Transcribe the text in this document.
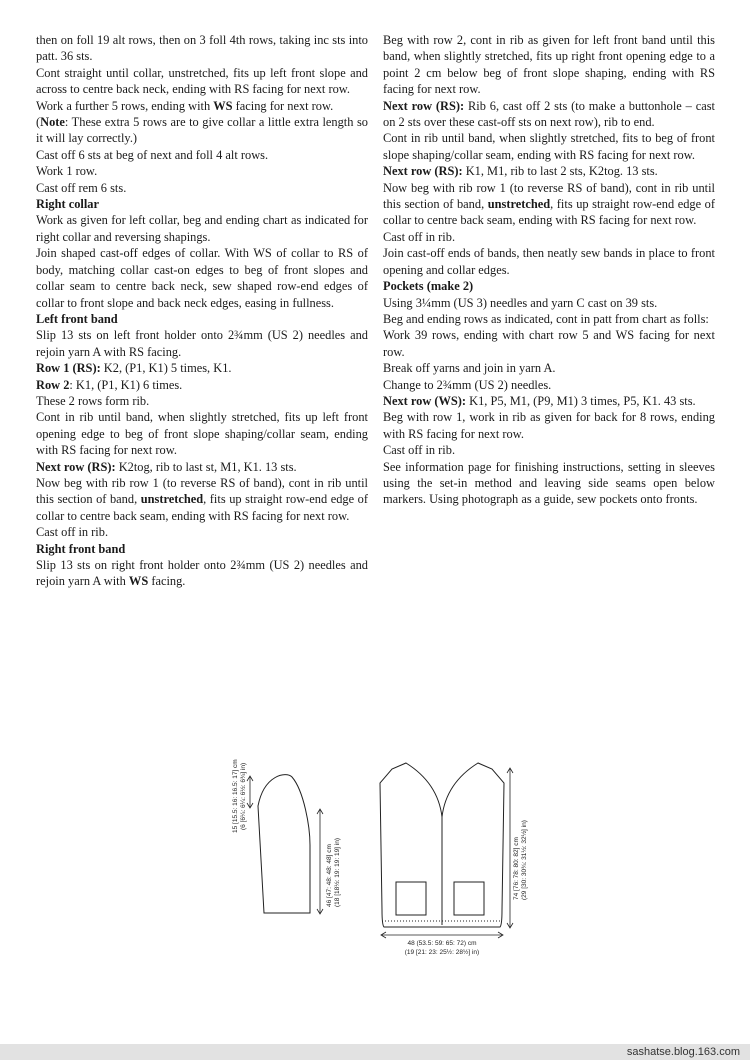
then on foll 19 alt rows, then on 3 foll 4th rows, taking inc sts into patt. 36 sts.

Cont straight until collar, unstretched, fits up left front slope and across to centre back neck, ending with RS facing for next row.

Work a further 5 rows, ending with WS facing for next row.

(Note: These extra 5 rows are to give collar a little extra length so it will lay correctly.)

Cast off 6 sts at beg of next and foll 4 alt rows.

Work 1 row.

Cast off rem 6 sts.

Right collar

Work as given for left collar, beg and ending chart as indicated for right collar and reversing shapings.

Join shaped cast-off edges of collar. With WS of collar to RS of body, matching collar cast-on edges to beg of front slopes and collar seam to centre back neck, sew shaped row-end edges of collar to front slope and back neck edges, easing in fullness.

Left front band

Slip 13 sts on left front holder onto 2¾mm (US 2) needles and rejoin yarn A with RS facing.

Row 1 (RS): K2, (P1, K1) 5 times, K1.

Row 2: K1, (P1, K1) 6 times.

These 2 rows form rib.

Cont in rib until band, when slightly stretched, fits up left front opening edge to beg of front slope shaping/collar seam, ending with RS facing for next row.

Next row (RS): K2tog, rib to last st, M1, K1. 13 sts.

Now beg with rib row 1 (to reverse RS of band), cont in rib until this section of band, unstretched, fits up straight row-end edge of collar to centre back seam, ending with RS facing for next row.

Cast off in rib.

Right front band

Slip 13 sts on right front holder onto 2¾mm (US 2) needles and rejoin yarn A with WS facing.

Beg with row 2, cont in rib as given for left front band until this band, when slightly stretched, fits up right front opening edge to a point 2 cm below beg of front slope shaping, ending with RS facing for next row.

Next row (RS): Rib 6, cast off 2 sts (to make a buttonhole – cast on 2 sts over these cast-off sts on next row), rib to end.

Cont in rib until band, when slightly stretched, fits to beg of front slope shaping/collar seam, ending with RS facing for next row.

Next row (RS): K1, M1, rib to last 2 sts, K2tog. 13 sts.

Now beg with rib row 1 (to reverse RS of band), cont in rib until this section of band, unstretched, fits up straight row-end edge of collar to centre back seam, ending with RS facing for next row.

Cast off in rib.

Join cast-off ends of bands, then neatly sew bands in place to front opening and collar edges.

Pockets (make 2)

Using 3¼mm (US 3) needles and yarn C cast on 39 sts.

Beg and ending rows as indicated, cont in patt from chart as folls:

Work 39 rows, ending with chart row 5 and WS facing for next row.

Break off yarns and join in yarn A.

Change to 2¾mm (US 2) needles.

Next row (WS): K1, P5, M1, (P9, M1) 3 times, P5, K1. 43 sts.

Beg with row 1, work in rib as given for back for 8 rows, ending with RS facing for next row.

Cast off in rib.

See information page for finishing instructions, setting in sleeves using the set-in method and leaving side seams open below markers. Using photograph as a guide, sew pockets onto fronts.

15 [15.5: 16: 16.5: 17] cm (6 [6¼: 6¼: 6½: 6¾] in)
46 [47: 48: 48: 48] cm (18 [18½: 19: 19: 19] in)	74 [76: 78: 80: 82] cm (29 [30: 30¾: 31½: 32½] in)
48 (53.5: 59: 65: 72) cm
(19 [21: 23: 25½: 28½] in)
sashatse.blog.163.com
